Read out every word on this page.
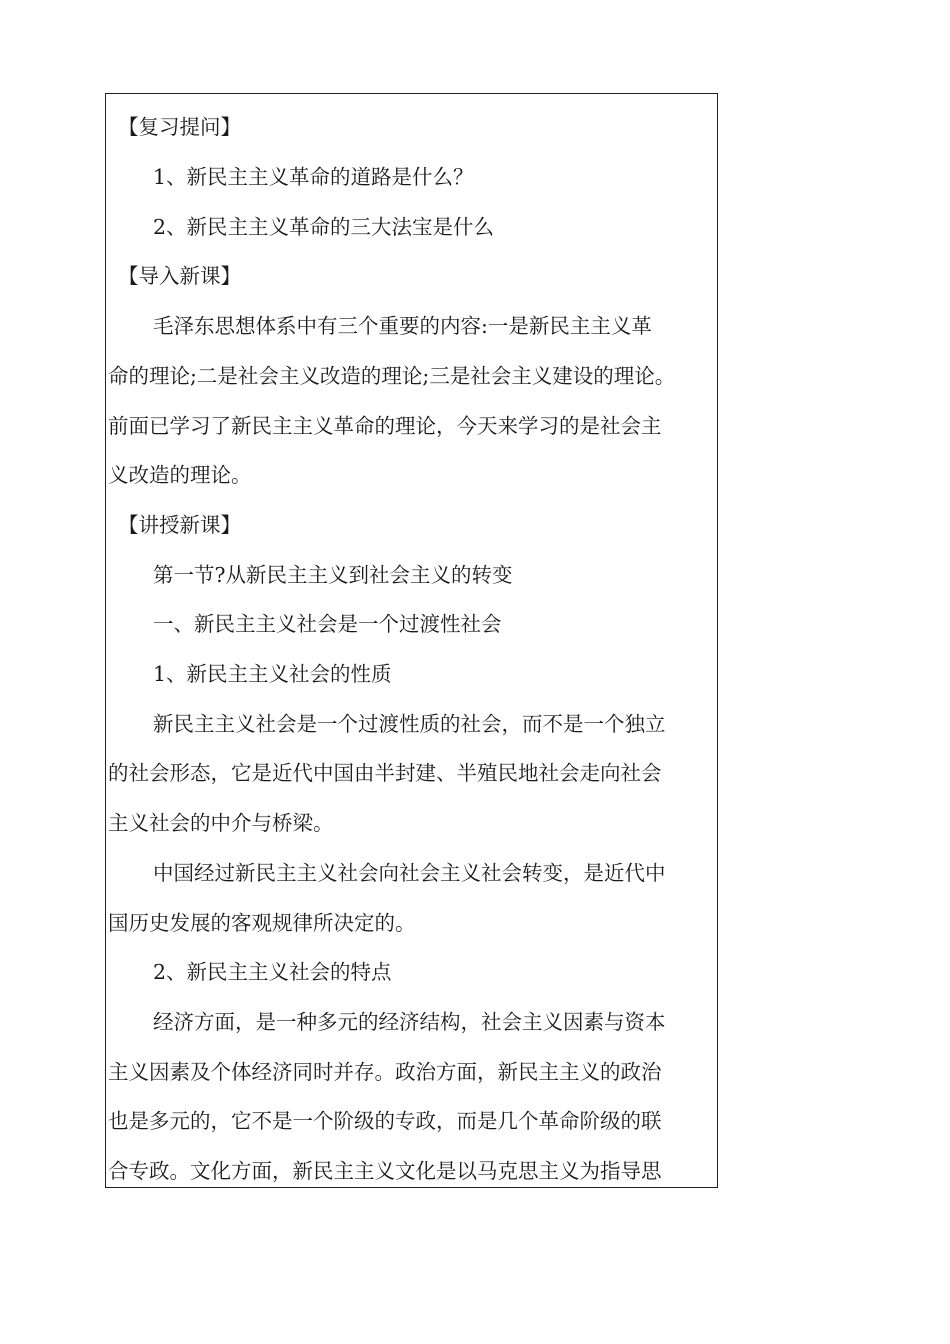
【复习提问】
1、新民主主义革命的道路是什么？
2、新民主主义革命的三大法宝是什么
【导入新课】
毛泽东思想体系中有三个重要的内容:一是新民主主义革
命的理论;二是社会主义改造的理论;三是社会主义建设的理论。
前面已学习了新民主主义革命的理论，今天来学习的是社会主
义改造的理论。
【讲授新课】
第一节?从新民主主义到社会主义的转变
一、新民主主义社会是一个过渡性社会
1、新民主主义社会的性质
新民主主义社会是一个过渡性质的社会，而不是一个独立
的社会形态，它是近代中国由半封建、半殖民地社会走向社会
主义社会的中介与桥梁。
中国经过新民主主义社会向社会主义社会转变，是近代中
国历史发展的客观规律所决定的。
2、新民主主义社会的特点
经济方面，是一种多元的经济结构，社会主义因素与资本
主义因素及个体经济同时并存。政治方面，新民主主义的政治
也是多元的，它不是一个阶级的专政，而是几个革命阶级的联
合专政。文化方面，新民主主义文化是以马克思主义为指导思
